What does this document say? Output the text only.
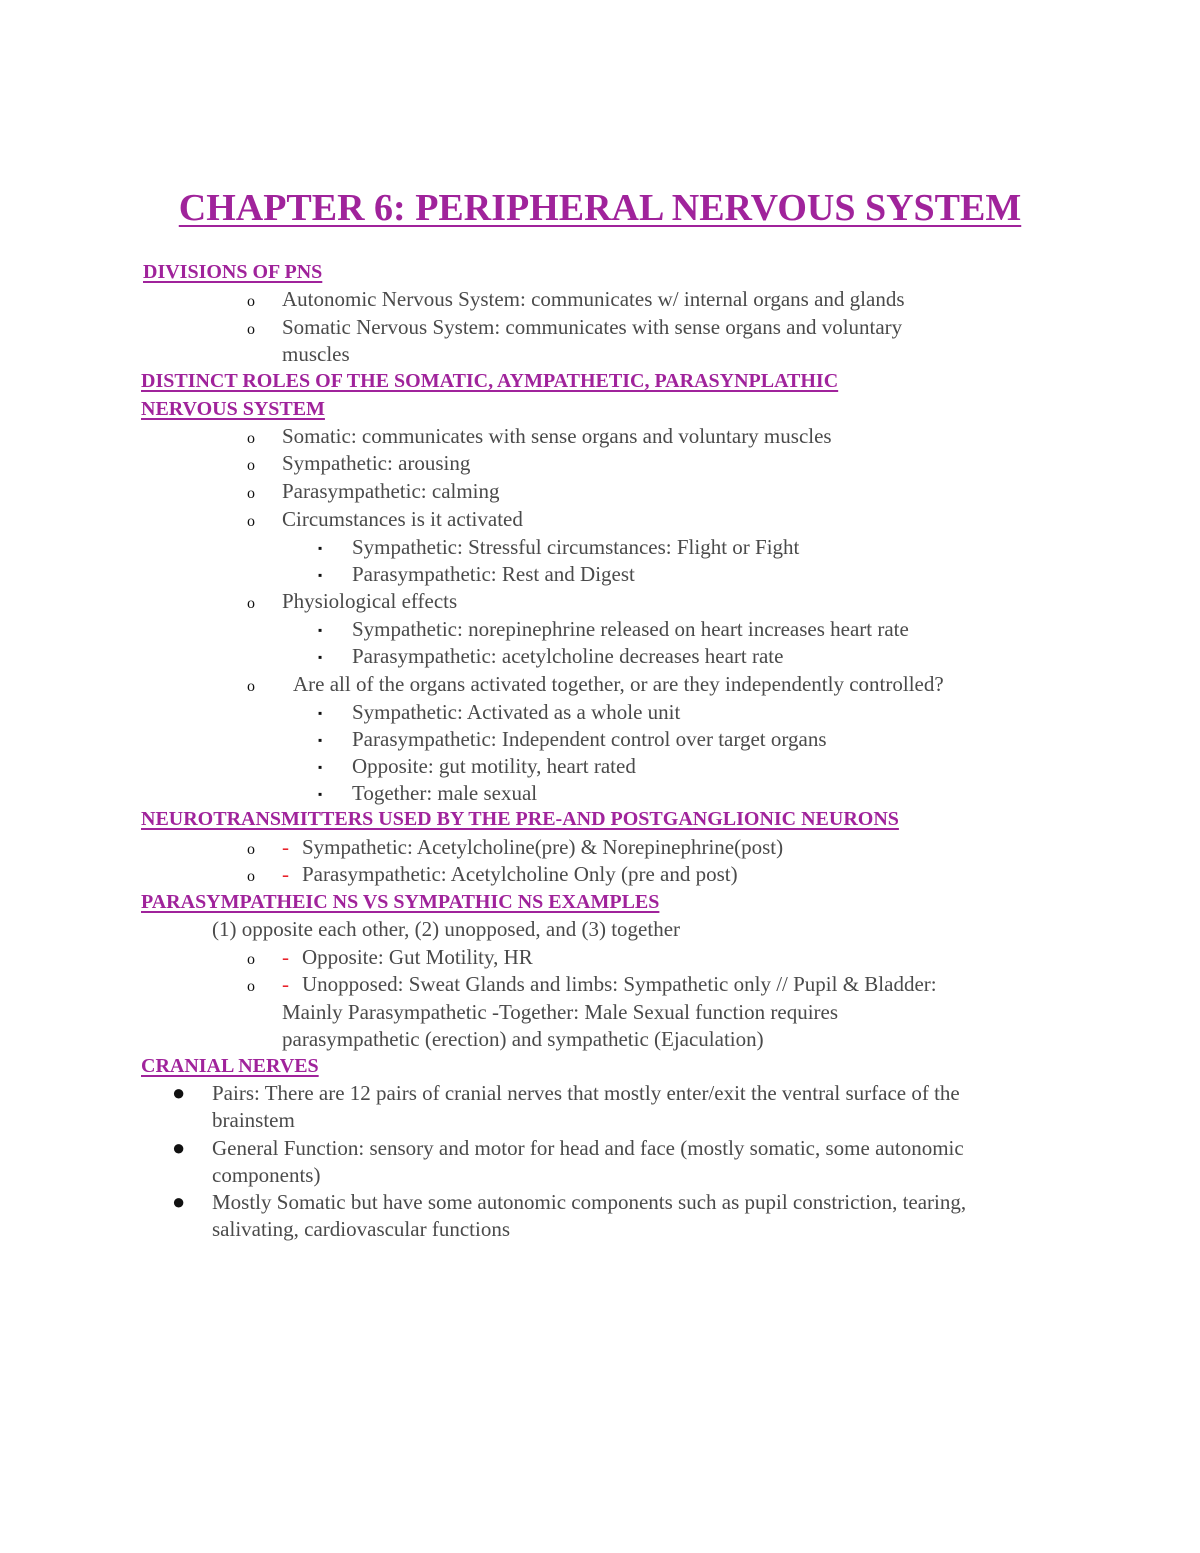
CHAPTER 6: PERIPHERAL NERVOUS SYSTEM
DIVISIONS OF PNS
o Autonomic Nervous System: communicates w/ internal organs and glands
o Somatic Nervous System: communicates with sense organs and voluntary
muscles
DISTINCT ROLES OF THE SOMATIC, AYMPATHETIC, PARASYNPLATHIC
NERVOUS SYSTEM
o Somatic: communicates with sense organs and voluntary muscles
o Sympathetic: arousing
o Parasympathetic: calming
o Circumstances is it activated
▪ Sympathetic: Stressful circumstances: Flight or Fight
▪ Parasympathetic: Rest and Digest
o Physiological effects
▪ Sympathetic: norepinephrine released on heart increases heart rate
▪ Parasympathetic: acetylcholine decreases heart rate
o Are all of the organs activated together, or are they independently controlled?
▪ Sympathetic: Activated as a whole unit
▪ Parasympathetic: Independent control over target organs
▪ Opposite: gut motility, heart rated
▪ Together: male sexual
NEUROTRANSMITTERS USED BY THE PRE-AND POSTGANGLIONIC NEURONS
o - Sympathetic: Acetylcholine(pre) & Norepinephrine(post)
o - Parasympathetic: Acetylcholine Only (pre and post)
PARASYMPATHEIC NS VS SYMPATHIC NS EXAMPLES
(1) opposite each other, (2) unopposed, and (3) together
o - Opposite: Gut Motility, HR
o - Unopposed: Sweat Glands and limbs: Sympathetic only // Pupil & Bladder:
Mainly Parasympathetic -Together: Male Sexual function requires
parasympathetic (erection) and sympathetic (Ejaculation)
CRANIAL NERVES
● Pairs: There are 12 pairs of cranial nerves that mostly enter/exit the ventral surface of the
brainstem
● General Function: sensory and motor for head and face (mostly somatic, some autonomic
components)
● Mostly Somatic but have some autonomic components such as pupil constriction, tearing,
salivating, cardiovascular functions
